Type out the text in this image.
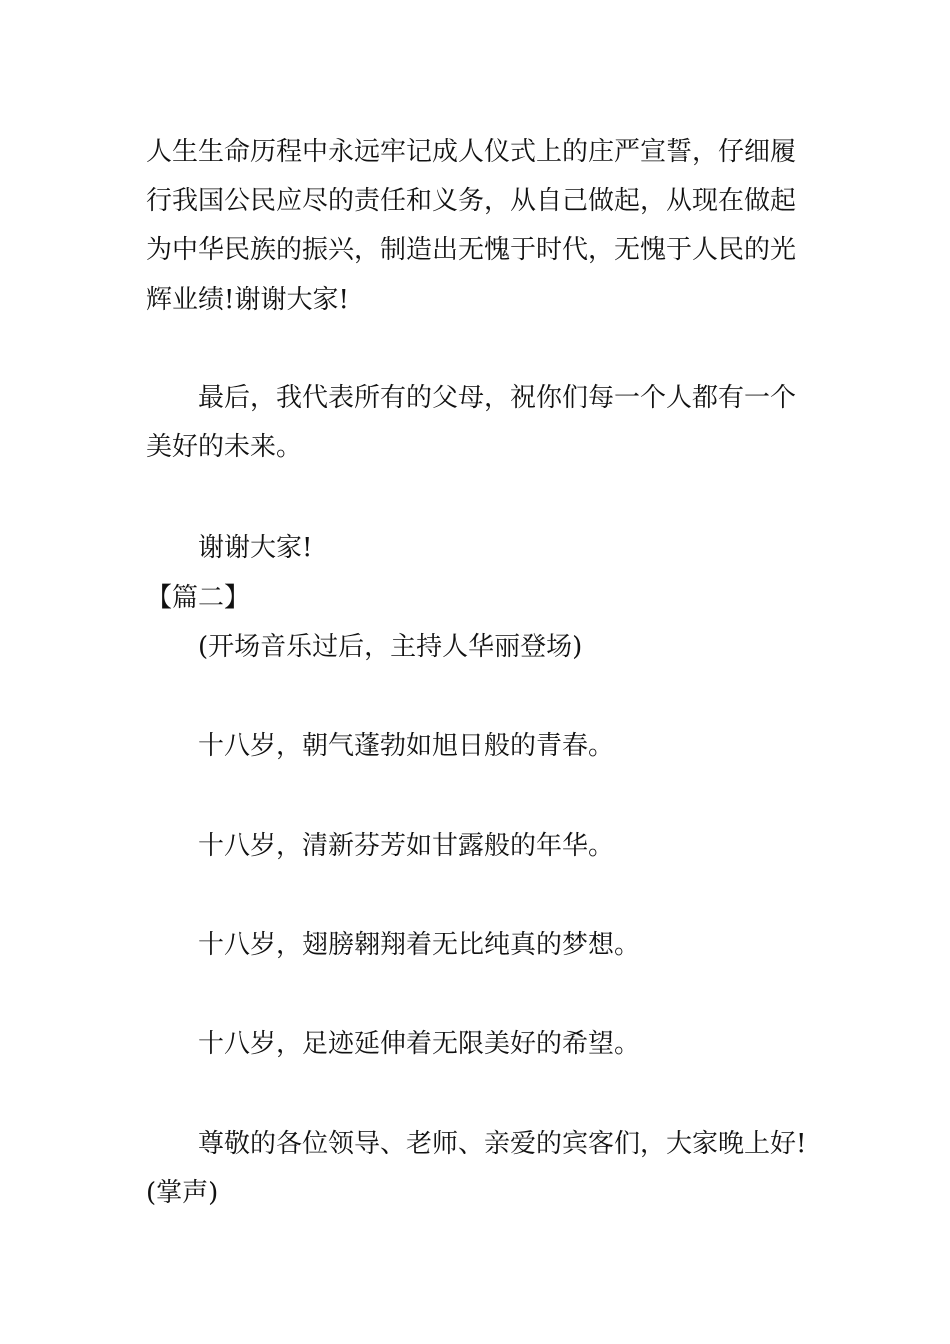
人生生命历程中永远牢记成人仪式上的庄严宣誓，仔细履
行我国公民应尽的责任和义务，从自己做起，从现在做起
为中华民族的振兴，制造出无愧于时代，无愧于人民的光
辉业绩!谢谢大家!
最后，我代表所有的父母，祝你们每一个人都有一个
美好的未来。
谢谢大家!
【篇二】
(开场音乐过后，主持人华丽登场)
十八岁，朝气蓬勃如旭日般的青春。
十八岁，清新芬芳如甘露般的年华。
十八岁，翅膀翱翔着无比纯真的梦想。
十八岁，足迹延伸着无限美好的希望。
尊敬的各位领导、老师、亲爱的宾客们，大家晚上好!
(掌声)
